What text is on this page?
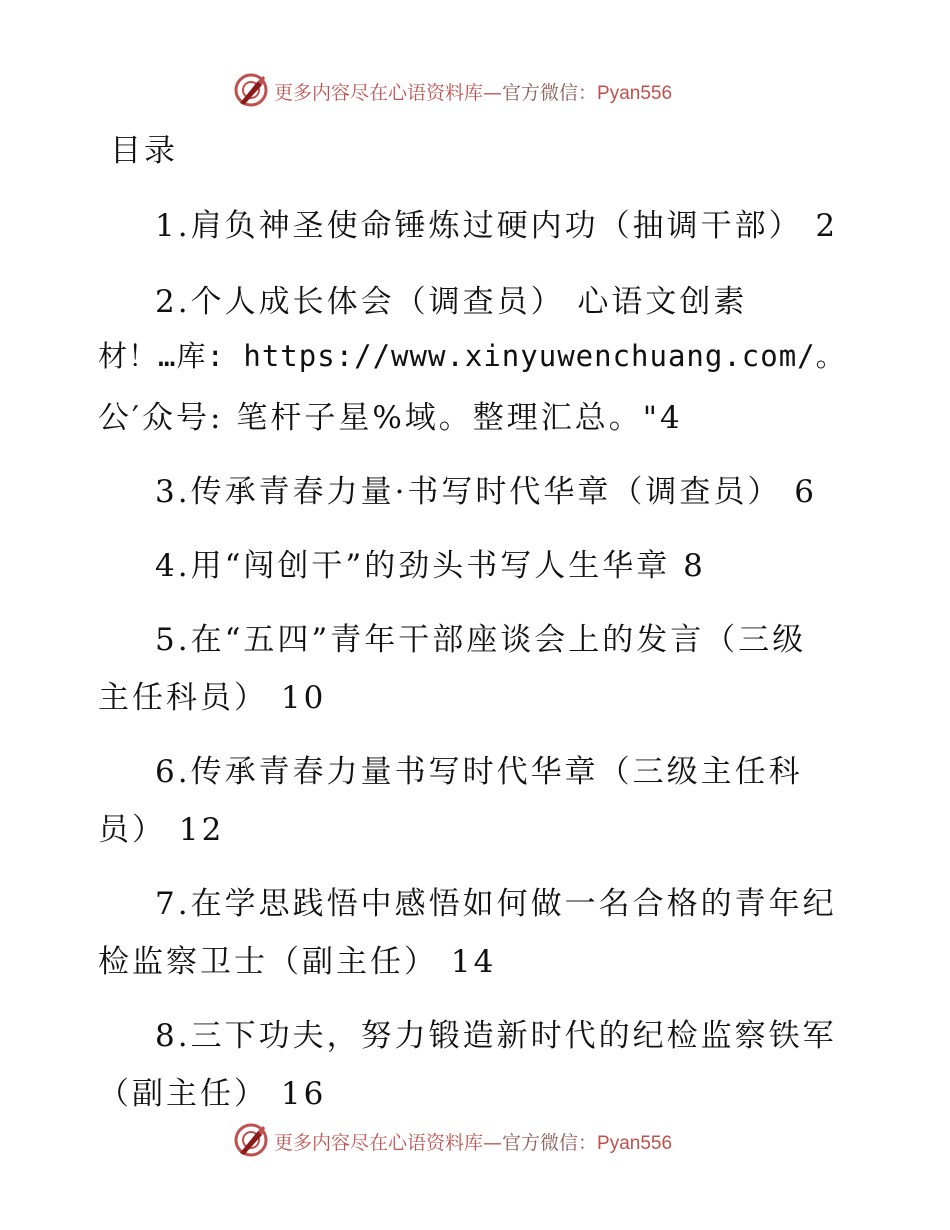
更多内容尽在心语资料库—官方微信：Pyan556
目录
1.肩负神圣使命锤炼过硬内功（抽调干部） 2
2.个人成长体会（调查员） 心语文创素
材！…库: https://www.xinyuwenchuang.com/。
公′众号: 笔杆子星%域。整理汇总。"4
3.传承青春力量·书写时代华章（调查员） 6
4.用“闯创干”的劲头书写人生华章 8
5.在“五四”青年干部座谈会上的发言（三级
主任科员） 10
6.传承青春力量书写时代华章（三级主任科
员） 12
7.在学思践悟中感悟如何做一名合格的青年纪
检监察卫士（副主任） 14
8.三下功夫，努力锻造新时代的纪检监察铁军
（副主任） 16
更多内容尽在心语资料库—官方微信：Pyan556
